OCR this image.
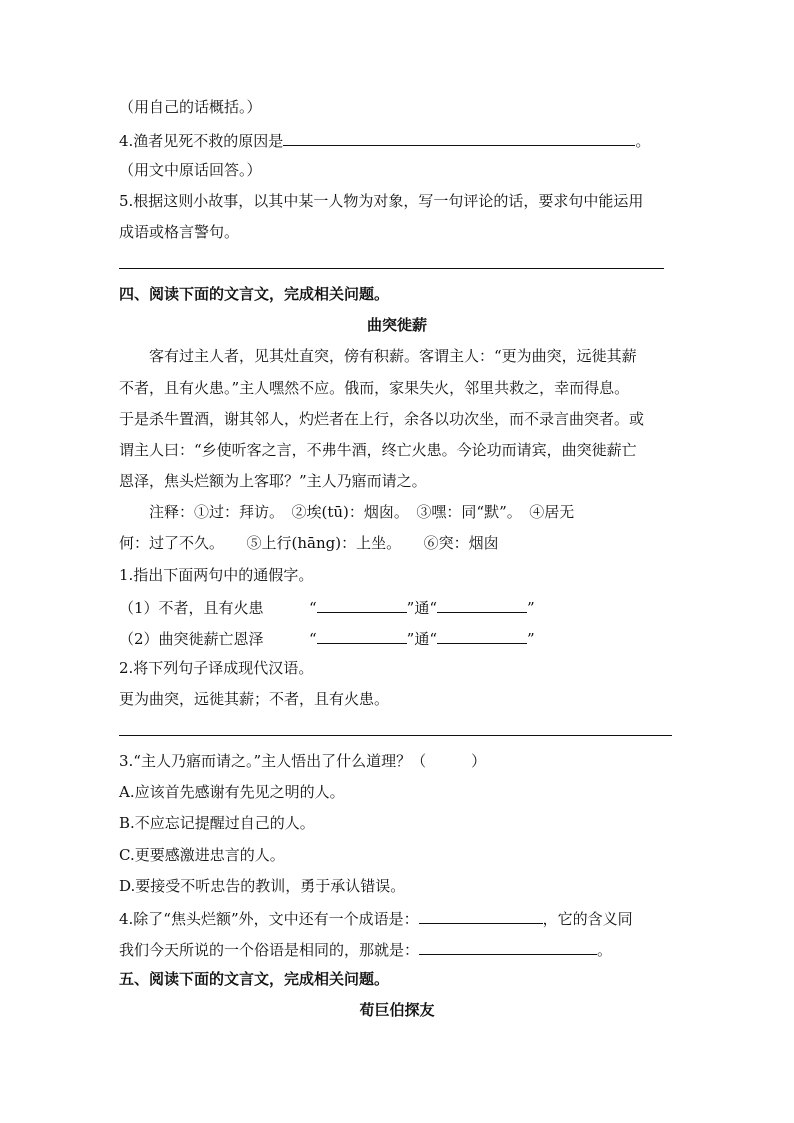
（用自己的话概括。）
4.渔者见死不救的原因是	。
（用文中原话回答。）
5.根据这则小故事，以其中某一人物为对象，写一句评论的话，要求句中能运用
成语或格言警句。
四、阅读下面的文言文，完成相关问题。
曲突徙薪
客有过主人者，见其灶直突，傍有积薪。客谓主人：“更为曲突，远徙其薪
不者，且有火患。”主人嘿然不应。俄而，家果失火，邻里共救之，幸而得息。
于是杀牛置酒，谢其邻人，灼烂者在上行，余各以功次坐，而不录言曲突者。或
谓主人曰：“乡使听客之言，不弗牛酒，终亡火患。今论功而请宾，曲突徙薪亡
恩泽，焦头烂额为上客耶？”主人乃寤而请之。
注释：①过：拜访。　②埃(tū)：烟囱。　③嘿：同“默”。　④居无
何：过了不久。　　⑤上行(hāng)：上坐。　　⑥突：烟囱
1.指出下面两句中的通假字。
（1）不者，且有火患	“	”通“	”
（2）曲突徙薪亡恩泽	“	”通“	”
2.将下列句子译成现代汉语。
更为曲突，远徙其薪；不者，且有火患。
3.“主人乃寤而请之。”主人悟出了什么道理？（　　　）
A.应该首先感谢有先见之明的人。
B.不应忘记提醒过自己的人。
C.更要感激进忠言的人。
D.要接受不听忠告的教训，勇于承认错误。
4.除了“焦头烂额”外，文中还有一个成语是：	，它的含义同
我们今天所说的一个俗语是相同的，那就是：	。
五、阅读下面的文言文，完成相关问题。
荀巨伯探友
